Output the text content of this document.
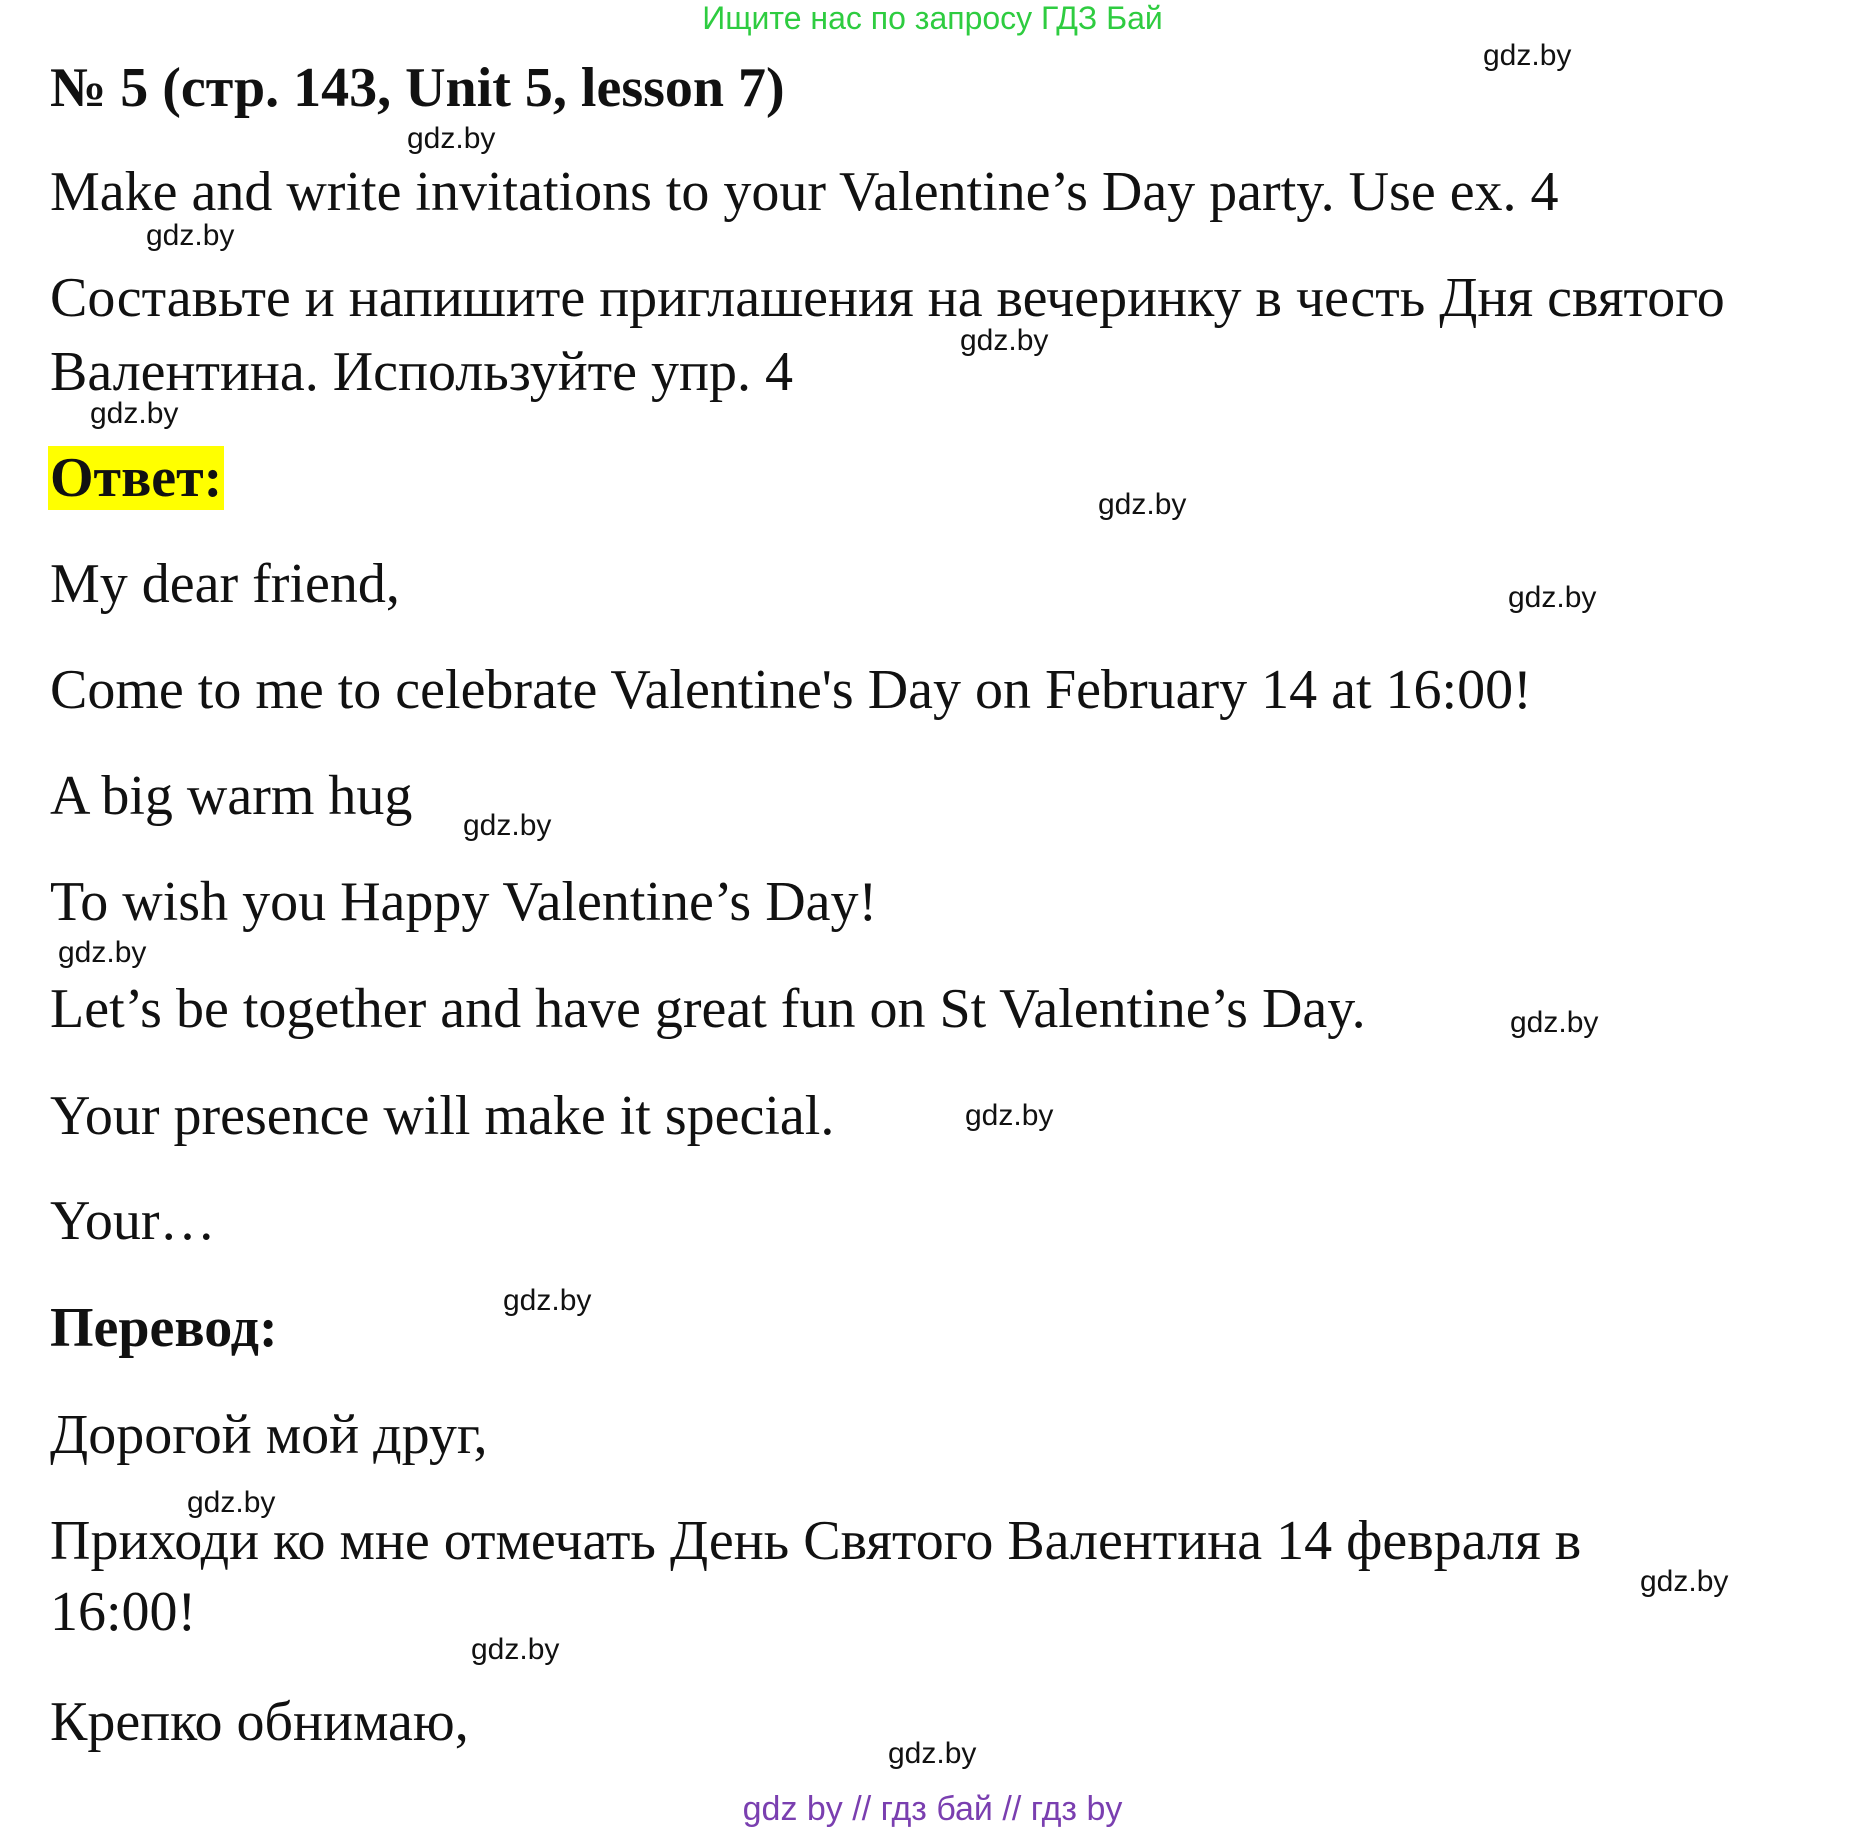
Ищите нас по запросу ГДЗ Бай
№ 5 (стр. 143, Unit 5, lesson 7)
gdz.by
gdz.by
Make and write invitations to your Valentine’s Day party. Use ex. 4
gdz.by
Составьте и напишите приглашения на вечеринку в честь Дня святого
gdz.by
Валентина. Используйте упр. 4
gdz.by
Ответ:	gdz.by
My dear friend,	gdz.by
Come to me to celebrate Valentine's Day on February 14 at 16:00!
A big warm hug gdz.by
To wish you Happy Valentine’s Day!
gdz.by
Let’s be together and have great fun on St Valentine’s Day.	gdz.by
Your presence will make it special.	gdz.by
Your…
gdz.by
Перевод:
Дорогой мой друг,
gdz.by
Приходи ко мне отмечать День Святого Валентина 14 февраля в
gdz.by
16:00!
gdz.by
Крепко обнимаю,
gdz.by
gdz by // гдз бай // гдз by
